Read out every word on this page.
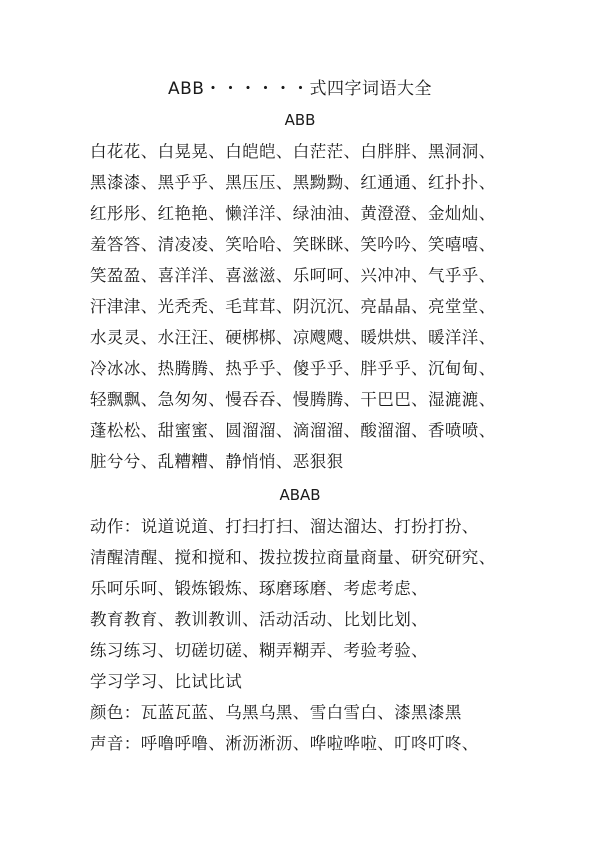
ABB・・・・・・式四字词语大全
ABB
白花花、白晃晃、白皑皑、白茫茫、白胖胖、黑洞洞、
黑漆漆、黑乎乎、黑压压、黑黝黝、红通通、红扑扑、
红彤彤、红艳艳、懒洋洋、绿油油、黄澄澄、金灿灿、
羞答答、清凌凌、笑哈哈、笑眯眯、笑吟吟、笑嘻嘻、
笑盈盈、喜洋洋、喜滋滋、乐呵呵、兴冲冲、气乎乎、
汗津津、光秃秃、毛茸茸、阴沉沉、亮晶晶、亮堂堂、
水灵灵、水汪汪、硬梆梆、凉飕飕、暖烘烘、暖洋洋、
冷冰冰、热腾腾、热乎乎、傻乎乎、胖乎乎、沉甸甸、
轻飘飘、急匆匆、慢吞吞、慢腾腾、干巴巴、湿漉漉、
蓬松松、甜蜜蜜、圆溜溜、滴溜溜、酸溜溜、香喷喷、
脏兮兮、乱糟糟、静悄悄、恶狠狠
ABAB
动作：说道说道、打扫打扫、溜达溜达、打扮打扮、
清醒清醒、搅和搅和、拨拉拨拉商量商量、研究研究、
乐呵乐呵、锻炼锻炼、琢磨琢磨、考虑考虑、
教育教育、教训教训、活动活动、比划比划、
练习练习、切磋切磋、糊弄糊弄、考验考验、
学习学习、比试比试
颜色：瓦蓝瓦蓝、乌黑乌黑、雪白雪白、漆黑漆黑
声音：呼噜呼噜、淅沥淅沥、哗啦哗啦、叮咚叮咚、
